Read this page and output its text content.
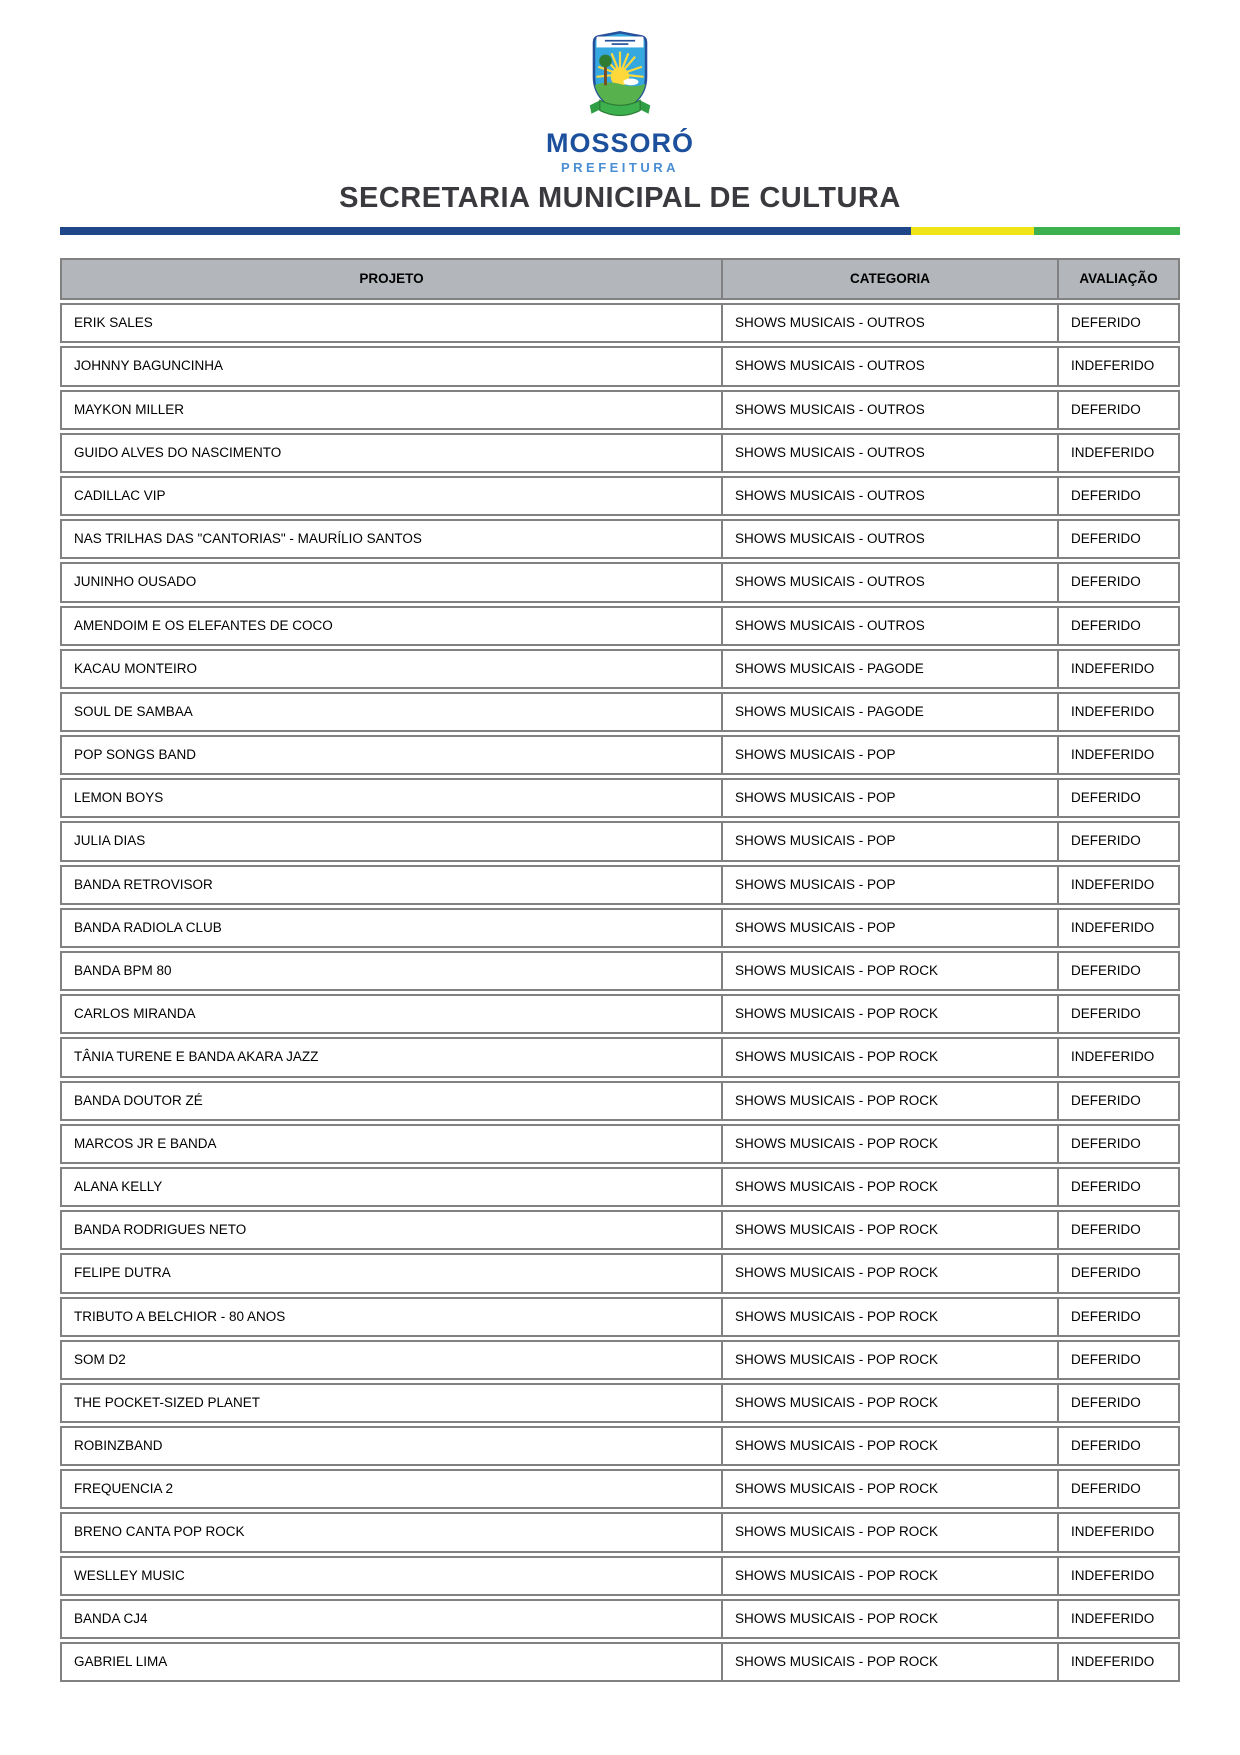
MOSSORÓ
PREFEITURA
SECRETARIA MUNICIPAL DE CULTURA
PROJETO	CATEGORIA	AVALIAÇÃO
ERIK SALES	SHOWS MUSICAIS - OUTROS	DEFERIDO
JOHNNY BAGUNCINHA	SHOWS MUSICAIS - OUTROS	INDEFERIDO
MAYKON MILLER	SHOWS MUSICAIS - OUTROS	DEFERIDO
GUIDO ALVES DO NASCIMENTO	SHOWS MUSICAIS - OUTROS	INDEFERIDO
CADILLAC VIP	SHOWS MUSICAIS - OUTROS	DEFERIDO
NAS TRILHAS DAS "CANTORIAS" - MAURÍLIO SANTOS	SHOWS MUSICAIS - OUTROS	DEFERIDO
JUNINHO OUSADO	SHOWS MUSICAIS - OUTROS	DEFERIDO
AMENDOIM E OS ELEFANTES DE COCO	SHOWS MUSICAIS - OUTROS	DEFERIDO
KACAU MONTEIRO	SHOWS MUSICAIS - PAGODE	INDEFERIDO
SOUL DE SAMBAA	SHOWS MUSICAIS - PAGODE	INDEFERIDO
POP SONGS BAND	SHOWS MUSICAIS - POP	INDEFERIDO
LEMON BOYS	SHOWS MUSICAIS - POP	DEFERIDO
JULIA DIAS	SHOWS MUSICAIS - POP	DEFERIDO
BANDA RETROVISOR	SHOWS MUSICAIS - POP	INDEFERIDO
BANDA RADIOLA CLUB	SHOWS MUSICAIS - POP	INDEFERIDO
BANDA BPM 80	SHOWS MUSICAIS - POP ROCK	DEFERIDO
CARLOS MIRANDA	SHOWS MUSICAIS - POP ROCK	DEFERIDO
TÂNIA TURENE E BANDA AKARA JAZZ	SHOWS MUSICAIS - POP ROCK	INDEFERIDO
BANDA DOUTOR ZÉ	SHOWS MUSICAIS - POP ROCK	DEFERIDO
MARCOS JR E BANDA	SHOWS MUSICAIS - POP ROCK	DEFERIDO
ALANA KELLY	SHOWS MUSICAIS - POP ROCK	DEFERIDO
BANDA RODRIGUES NETO	SHOWS MUSICAIS - POP ROCK	DEFERIDO
FELIPE DUTRA	SHOWS MUSICAIS - POP ROCK	DEFERIDO
TRIBUTO A BELCHIOR - 80 ANOS	SHOWS MUSICAIS - POP ROCK	DEFERIDO
SOM D2	SHOWS MUSICAIS - POP ROCK	DEFERIDO
THE POCKET-SIZED PLANET	SHOWS MUSICAIS - POP ROCK	DEFERIDO
ROBINZBAND	SHOWS MUSICAIS - POP ROCK	DEFERIDO
FREQUENCIA 2	SHOWS MUSICAIS - POP ROCK	DEFERIDO
BRENO CANTA POP ROCK	SHOWS MUSICAIS - POP ROCK	INDEFERIDO
WESLLEY MUSIC	SHOWS MUSICAIS - POP ROCK	INDEFERIDO
BANDA CJ4	SHOWS MUSICAIS - POP ROCK	INDEFERIDO
GABRIEL LIMA	SHOWS MUSICAIS - POP ROCK	INDEFERIDO
